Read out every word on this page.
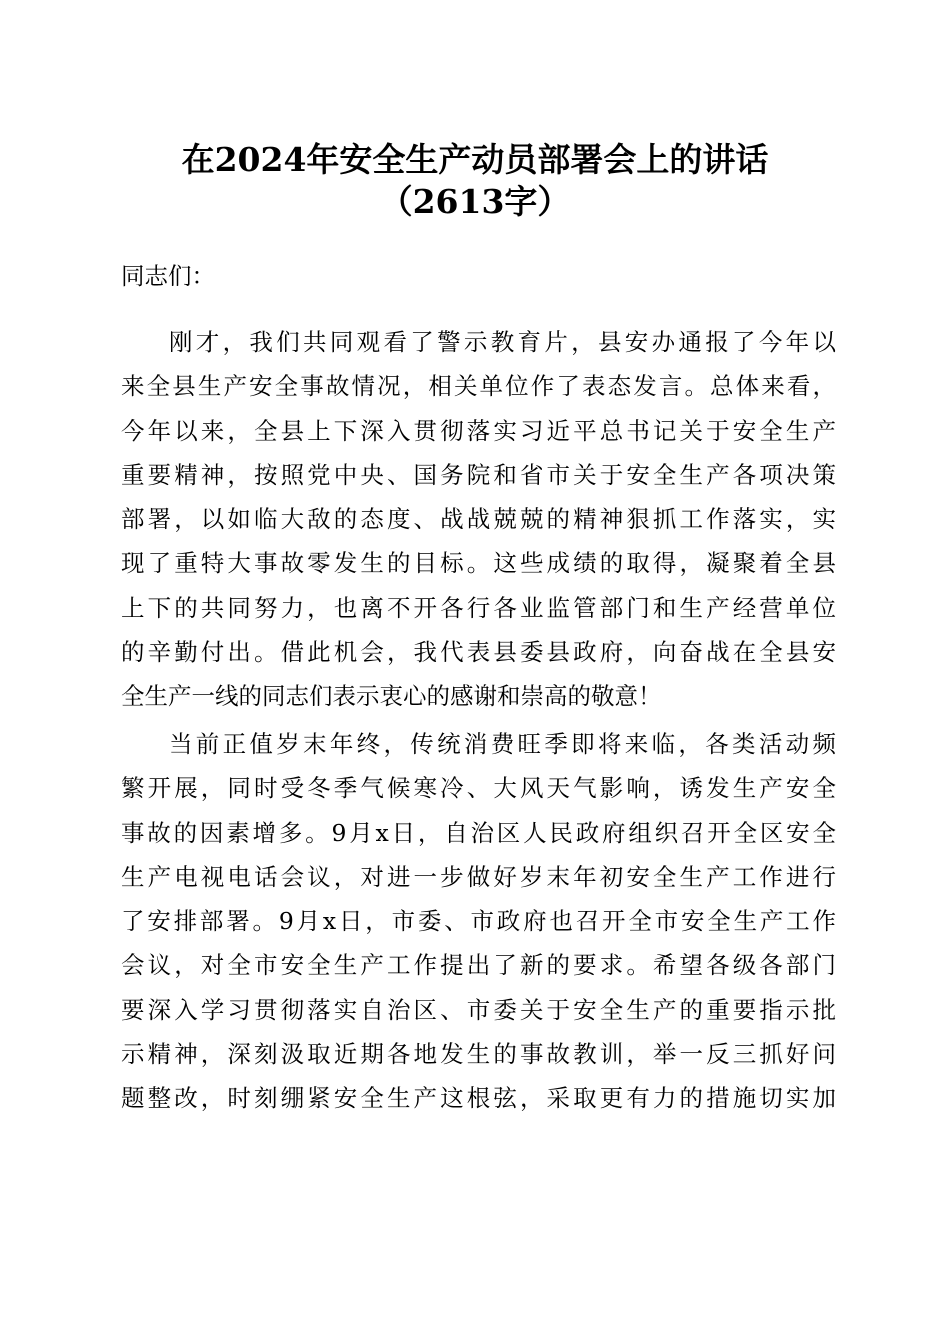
在2024年安全生产动员部署会上的讲话
（2613字）
同志们：
刚才，我们共同观看了警示教育片，县安办通报了今年以
来全县生产安全事故情况，相关单位作了表态发言。总体来看，
今年以来，全县上下深入贯彻落实习近平总书记关于安全生产
重要精神，按照党中央、国务院和省市关于安全生产各项决策
部署，以如临大敌的态度、战战兢兢的精神狠抓工作落实，实
现了重特大事故零发生的目标。这些成绩的取得，凝聚着全县
上下的共同努力，也离不开各行各业监管部门和生产经营单位
的辛勤付出。借此机会，我代表县委县政府，向奋战在全县安
全生产一线的同志们表示衷心的感谢和崇高的敬意！
当前正值岁末年终，传统消费旺季即将来临，各类活动频
繁开展，同时受冬季气候寒冷、大风天气影响，诱发生产安全
事故的因素增多。9月x日，自治区人民政府组织召开全区安全
生产电视电话会议，对进一步做好岁末年初安全生产工作进行
了安排部署。9月x日，市委、市政府也召开全市安全生产工作
会议，对全市安全生产工作提出了新的要求。希望各级各部门
要深入学习贯彻落实自治区、市委关于安全生产的重要指示批
示精神，深刻汲取近期各地发生的事故教训，举一反三抓好问
题整改，时刻绷紧安全生产这根弦，采取更有力的措施切实加
